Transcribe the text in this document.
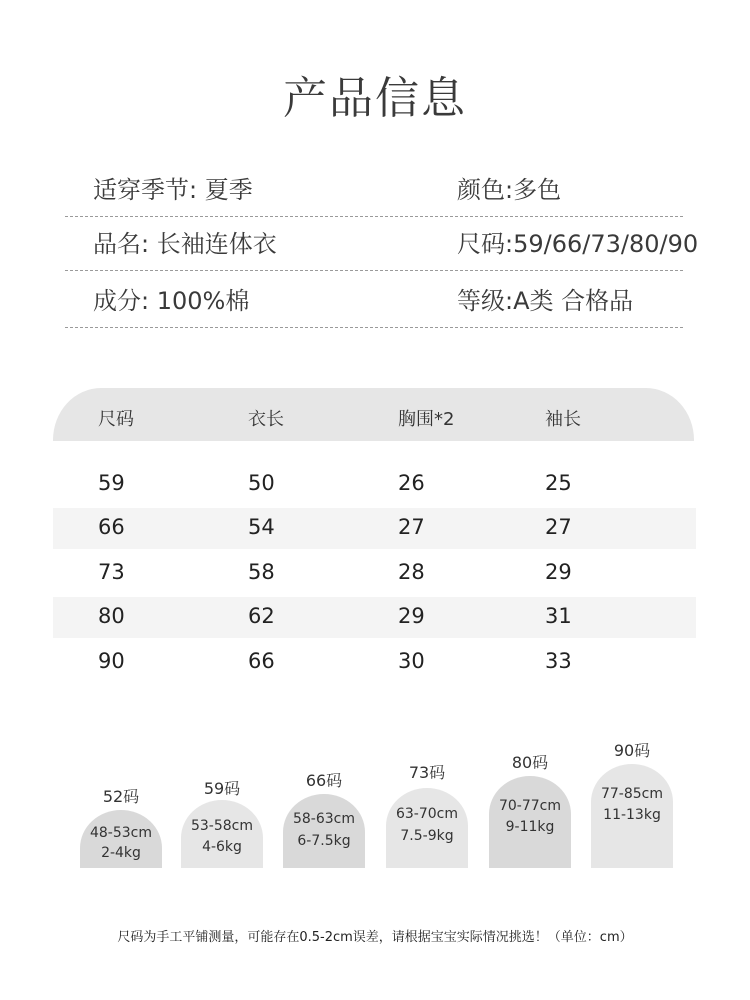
产品信息
适穿季节: 夏季	颜色:多色
品名: 长袖连体衣	尺码:59/66/73/80/90
成分: 100%棉	等级:A类 合格品
尺码	衣长	胸围*2	袖长
59	50	26	25
66	54	27	27
73	58	28	29
80	62	29	31
90	66	30	33
52码
48-53cm
2-4kg
59码
53-58cm
4-6kg
66码
58-63cm
6-7.5kg
73码
63-70cm
7.5-9kg
80码
70-77cm
9-11kg
90码
77-85cm
11-13kg
尺码为手工平铺测量，可能存在0.5-2cm误差，请根据宝宝实际情况挑选！（单位：cm）
